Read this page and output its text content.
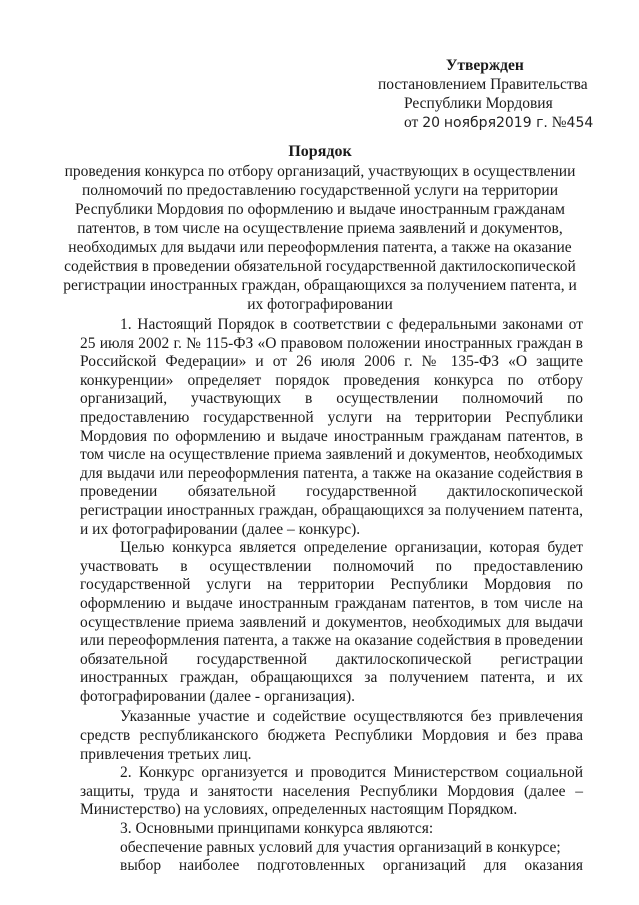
Утвержден
постановлением Правительства
Республики Мордовия
от 20 ноября2019 г. №454
Порядок
проведения конкурса по отбору организаций, участвующих в осуществлении полномочий по предоставлению государственной услуги на территории Республики Мордовия по оформлению и выдаче иностранным гражданам патентов, в том числе на осуществление приема заявлений и документов, необходимых для выдачи или переоформления патента, а также на оказание содействия в проведении обязательной государственной дактилоскопической регистрации иностранных граждан, обращающихся за получением патента, и их фотографировании

1. Настоящий Порядок в соответствии с федеральными законами от 25 июля 2002 г. № 115-ФЗ «О правовом положении иностранных граждан в Российской Федерации» и от 26 июля 2006 г. № 135-ФЗ «О защите конкуренции» определяет порядок проведения конкурса по отбору организаций, участвующих в осуществлении полномочий по предоставлению государственной услуги на территории Республики Мордовия по оформлению и выдаче иностранным гражданам патентов, в том числе на осуществление приема заявлений и документов, необходимых для выдачи или переоформления патента, а также на оказание содействия в проведении обязательной государственной дактилоскопической регистрации иностранных граждан, обращающихся за получением патента, и их фотографировании (далее – конкурс).

Целью конкурса является определение организации, которая будет участвовать в осуществлении полномочий по предоставлению государственной услуги на территории Республики Мордовия по оформлению и выдаче иностранным гражданам патентов, в том числе на осуществление приема заявлений и документов, необходимых для выдачи или переоформления патента, а также на оказание содействия в проведении обязательной государственной дактилоскопической регистрации иностранных граждан, обращающихся за получением патента, и их фотографировании (далее - организация).

Указанные участие и содействие осуществляются без привлечения средств республиканского бюджета Республики Мордовия и без права привлечения третьих лиц.

2. Конкурс организуется и проводится Министерством социальной защиты, труда и занятости населения Республики Мордовия (далее – Министерство) на условиях, определенных настоящим Порядком.

3. Основными принципами конкурса являются:

обеспечение равных условий для участия организаций в конкурсе;

выбор наиболее подготовленных организаций для оказания
